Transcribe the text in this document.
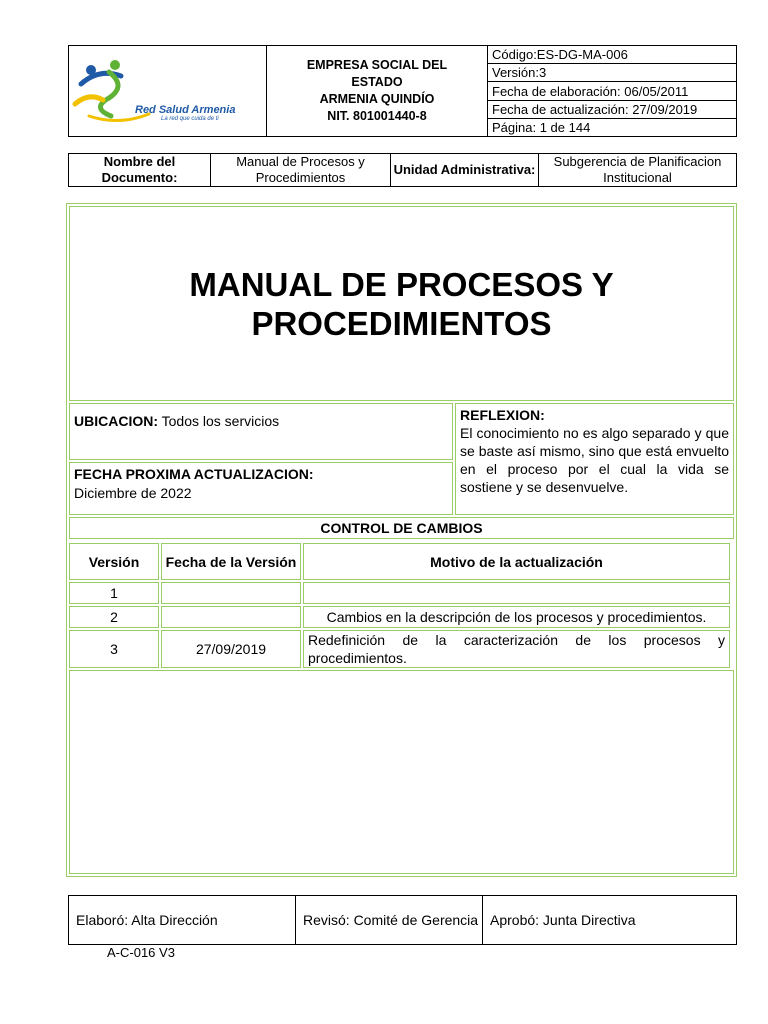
Red Salud Armenia
La red que cuida de ti
EMPRESA SOCIAL DEL
ESTADO
ARMENIA QUINDÍO
NIT. 801001440-8
Código:ES-DG-MA-006
Versión:3
Fecha de elaboración: 06/05/2011
Fecha de actualización: 27/09/2019
Página: 1 de 144
Nombre del Documento:
Manual de Procesos y Procedimientos
Unidad Administrativa:
Subgerencia de Planificacion Institucional
MANUAL DE PROCESOS Y
PROCEDIMIENTOS
UBICACION: Todos los servicios
FECHA PROXIMA ACTUALIZACION:
Diciembre de 2022
REFLEXION:
El conocimiento no es algo separado y que se baste así mismo, sino que está envuelto en el proceso por el cual la vida se sostiene y se desenvuelve.
CONTROL DE CAMBIOS
Versión	Fecha de la Versión	Motivo de la actualización
1		
2		Cambios en la descripción de los procesos y procedimientos.
3	27/09/2019	Redefinición de la caracterización de los procesos y procedimientos.
Elaboró: Alta Dirección	Revisó: Comité de Gerencia Aprobó: Junta Directiva
A-C-016 V3
